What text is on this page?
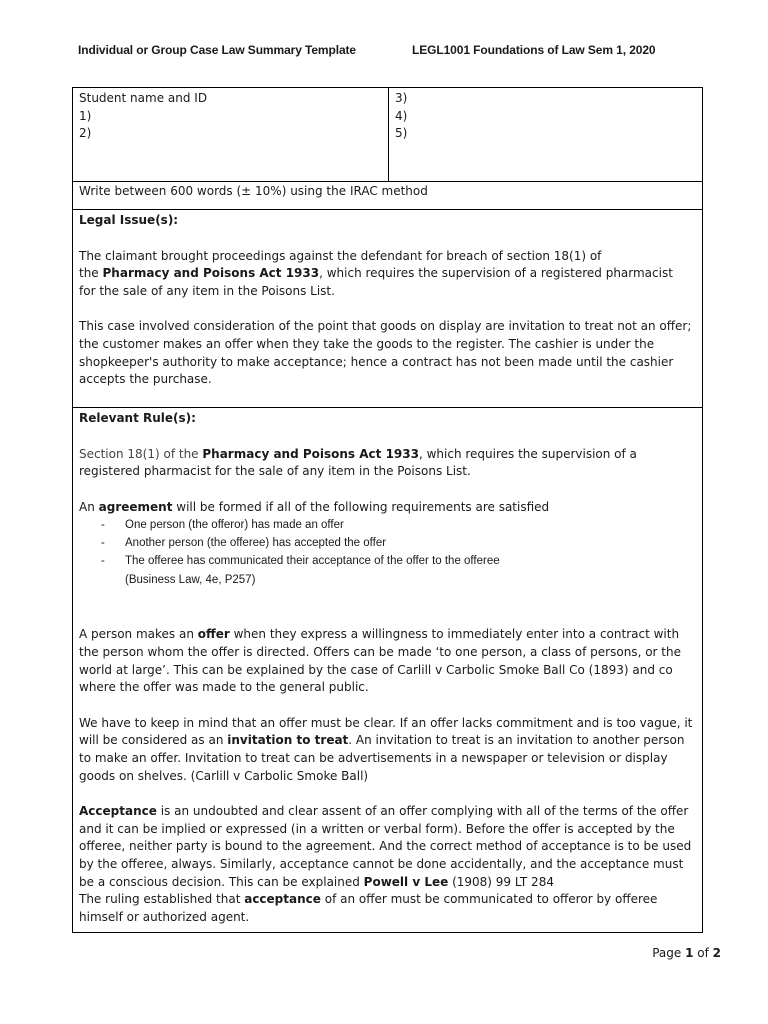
Individual or Group Case Law Summary Template	LEGL1001 Foundations of Law Sem 1, 2020
Student name and ID
1)
2)
3)
4)
5)
Write between 600 words (± 10%) using the IRAC method
Legal Issue(s):

The claimant brought proceedings against the defendant for breach of section 18(1) of
the Pharmacy and Poisons Act 1933, which requires the supervision of a registered pharmacist
for the sale of any item in the Poisons List.

This case involved consideration of the point that goods on display are invitation to treat not an offer; the customer makes an offer when they take the goods to the register. The cashier is under the shopkeeper's authority to make acceptance; hence a contract has not been made until the cashier accepts the purchase.

Relevant Rule(s):

Section 18(1) of the Pharmacy and Poisons Act 1933, which requires the supervision of a registered pharmacist for the sale of any item in the Poisons List.

An agreement will be formed if all of the following requirements are satisfied

- One person (the offeror) has made an offer
- Another person (the offeree) has accepted the offer
- The offeree has communicated their acceptance of the offer to the offeree
(Business Law, 4e, P257)

A person makes an offer when they express a willingness to immediately enter into a contract with the person whom the offer is directed. Offers can be made ‘to one person, a class of persons, or the world at large’. This can be explained by the case of Carlill v Carbolic Smoke Ball Co (1893) and co where the offer was made to the general public.

We have to keep in mind that an offer must be clear. If an offer lacks commitment and is too vague, it will be considered as an invitation to treat. An invitation to treat is an invitation to another person to make an offer. Invitation to treat can be advertisements in a newspaper or television or display goods on shelves. (Carlill v Carbolic Smoke Ball)

Acceptance is an undoubted and clear assent of an offer complying with all of the terms of the offer and it can be implied or expressed (in a written or verbal form). Before the offer is accepted by the offeree, neither party is bound to the agreement. And the correct method of acceptance is to be used by the offeree, always. Similarly, acceptance cannot be done accidentally, and the acceptance must be a conscious decision. This can be explained Powell v Lee (1908) 99 LT 284
The ruling established that acceptance of an offer must be communicated to offeror by offeree himself or authorized agent.

Page 1 of 2
